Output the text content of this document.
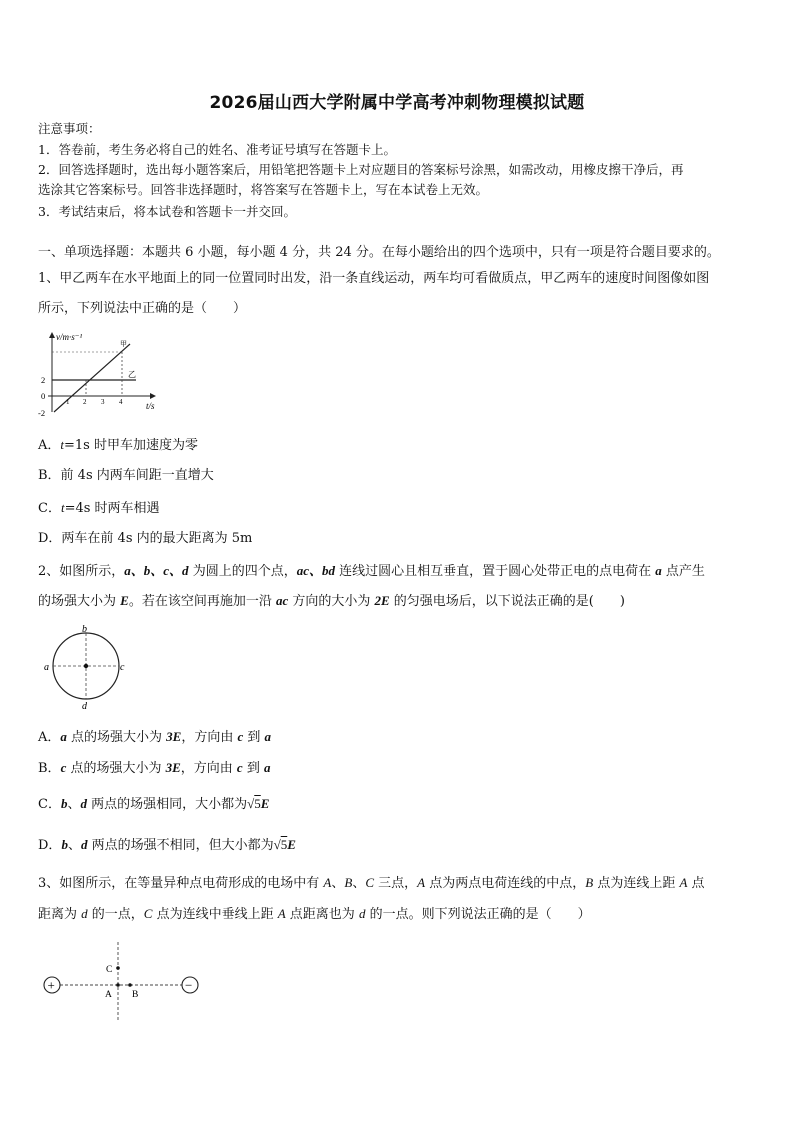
2026届山西大学附属中学高考冲刺物理模拟试题
注意事项：
1．答卷前，考生务必将自己的姓名、准考证号填写在答题卡上。
2．回答选择题时，选出每小题答案后，用铅笔把答题卡上对应题目的答案标号涂黑，如需改动，用橡皮擦干净后，再
选涂其它答案标号。回答非选择题时，将答案写在答题卡上，写在本试卷上无效。
3．考试结束后，将本试卷和答题卡一并交回。
一、单项选择题：本题共 6 小题，每小题 4 分，共 24 分。在每小题给出的四个选项中，只有一项是符合题目要求的。
1、甲乙两车在水平地面上的同一位置同时出发，沿一条直线运动，两车均可看做质点，甲乙两车的速度时间图像如图
所示，下列说法中正确的是（　　）
v/m·s⁻¹
t/s
2
0
-2
1 2 3 4
甲
乙
A．t=1s 时甲车加速度为零
B．前 4s 内两车间距一直增大
C．t=4s 时两车相遇
D．两车在前 4s 内的最大距离为 5m
2、如图所示，a、b、c、d 为圆上的四个点，ac、bd 连线过圆心且相互垂直，置于圆心处带正电的点电荷在 a 点产生
的场强大小为 E。若在该空间再施加一沿 ac 方向的大小为 2E 的匀强电场后，以下说法正确的是(　　)
a
b
c
d
A．a 点的场强大小为 3E，方向由 c 到 a
B．c 点的场强大小为 3E，方向由 c 到 a
C．b、d 两点的场强相同，大小都为√5E
D．b、d 两点的场强不相同，但大小都为√5E
3、如图所示，在等量异种点电荷形成的电场中有 A、B、C 三点，A 点为两点电荷连线的中点，B 点为连线上距 A 点
距离为 d 的一点，C 点为连线中垂线上距 A 点距离也为 d 的一点。则下列说法正确的是（　　）
+	−
C
A B
